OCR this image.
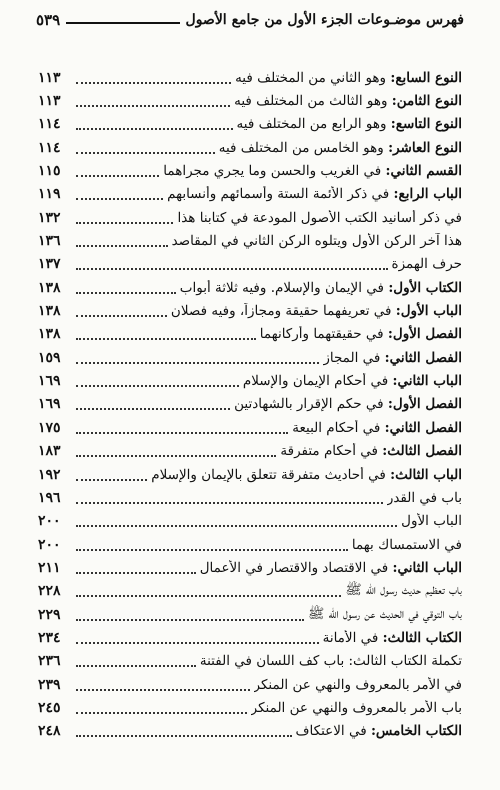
فهرس موضـوعات الجزء الأول من جامع الأصول
٥٣٩
النوع السابع:

وهو الثاني من المختلف فيه
١١٣
النوع الثامن:

وهو الثالث من المختلف فيه
١١٣
النوع التاسع:

وهو الرابع من المختلف فيه
١١٤
النوع العاشر:

وهو الخامس من المختلف فيه
١١٤
القسم الثاني:

في الغريب والحسن وما يجري مجراهما
١١٥
الباب الرابع:

في ذكر الأئمة الستة وأسمائهم وأنسابهم
١١٩
في ذكر أسانيد الكتب الأصول المودعة في كتابنا هذا
١٣٢
هذا آخر الركن الأول ويتلوه الركن الثاني في المقاصد
١٣٦
حرف الهمزة
١٣٧
الكتاب الأول:

في الإيمان والإسلام. وفيه ثلاثة أبواب
١٣٨
الباب الأول:

في تعريفهما حقيقة ومجازاً، وفيه فصلان
١٣٨
الفصل الأول:

في حقيقتهما وأركانهما
١٣٨
الفصل الثاني:

في المجاز
١٥٩
الباب الثاني:

في أحكام الإيمان والإسلام
١٦٩
الفصل الأول:

في حكم الإقرار بالشهادتين
١٦٩
الفصل الثاني:

في أحكام البيعة
١٧٥
الفصل الثالث:

في أحكام متفرقة
١٨٣
الباب الثالث:

في أحاديث متفرقة تتعلق بالإيمان والإسلام
١٩٢
باب في القدر
١٩٦
الباب الأول
٢٠٠
في الاستمساك بهما
٢٠٠
الباب الثاني:

في الاقتصاد والاقتصار في الأعمال
٢١١
باب تعظيم حديث رسول الله ﷺ
٢٢٨
باب التوقي في الحديث عن رسول الله ﷺ
٢٢٩
الكتاب الثالث:

في الأمانة
٢٣٤
تكملة الكتاب الثالث: باب كف اللسان في الفتنة
٢٣٦
في الأمر بالمعروف والنهي عن المنكر
٢٣٩
باب الأمر بالمعروف والنهي عن المنكر
٢٤٥
الكتاب الخامس:

في الاعتكاف
٢٤٨
